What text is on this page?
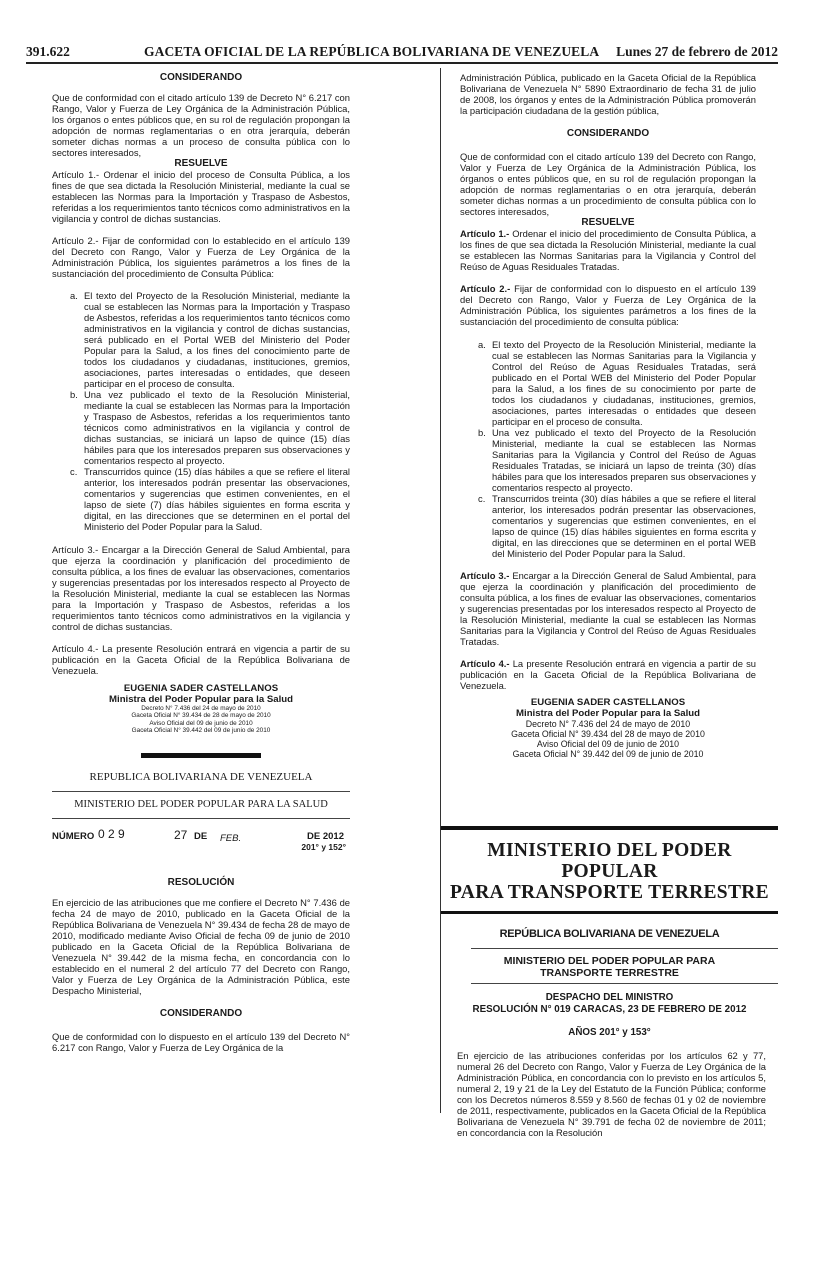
391.622	GACETA OFICIAL DE LA REPÚBLICA BOLIVARIANA DE VENEZUELA Lunes 27 de febrero de 2012

CONSIDERANDO

Que de conformidad con el citado artículo 139 de Decreto N° 6.217 con Rango, Valor y Fuerza de Ley Orgánica de la Administración Pública, los órganos o entes públicos que, en su rol de regulación propongan la adopción de normas reglamentarias o en otra jerarquía, deberán someter dichas normas a un proceso de consulta pública con lo sectores interesados,

RESUELVE

Artículo 1.- Ordenar el inicio del proceso de Consulta Pública, a los fines de que sea dictada la Resolución Ministerial, mediante la cual se establecen las Normas para la Importación y Traspaso de Asbestos, referidas a los requerimientos tanto técnicos como administrativos en la vigilancia y control de dichas sustancias.

Artículo 2.- Fijar de conformidad con lo establecido en el artículo 139 del Decreto con Rango, Valor y Fuerza de Ley Orgánica de la Administración Pública, los siguientes parámetros a los fines de la sustanciación del procedimiento de Consulta Pública:

a. El texto del Proyecto de la Resolución Ministerial, mediante la cual se establecen las Normas para la Importación y Traspaso de Asbestos, referidas a los requerimientos tanto técnicos como administrativos en la vigilancia y control de dichas sustancias, será publicado en el Portal WEB del Ministerio del Poder Popular para la Salud, a los fines del conocimiento parte de todos los ciudadanos y ciudadanas, instituciones, gremios, asociaciones, partes interesadas o entidades, que deseen participar en el proceso de consulta.
b. Una vez publicado el texto de la Resolución Ministerial, mediante la cual se establecen las Normas para la Importación y Traspaso de Asbestos, referidas a los requerimientos tanto técnicos como administrativos en la vigilancia y control de dichas sustancias, se iniciará un lapso de quince (15) días hábiles para que los interesados preparen sus observaciones y comentarios respecto al proyecto.
c. Transcurridos quince (15) días hábiles a que se refiere el literal anterior, los interesados podrán presentar las observaciones, comentarios y sugerencias que estimen convenientes, en el lapso de siete (7) días hábiles siguientes en forma escrita y digital, en las direcciones que se determinen en el portal del Ministerio del Poder Popular para la Salud.

Artículo 3.- Encargar a la Dirección General de Salud Ambiental, para que ejerza la coordinación y planificación del procedimiento de consulta pública, a los fines de evaluar las observaciones, comentarios y sugerencias presentadas por los interesados respecto al Proyecto de la Resolución Ministerial, mediante la cual se establecen las Normas para la Importación y Traspaso de Asbestos, referidas a los requerimientos tanto técnicos como administrativos en la vigilancia y control de dichas sustancias.

Artículo 4.- La presente Resolución entrará en vigencia a partir de su publicación en la Gaceta Oficial de la República Bolivariana de Venezuela.

EUGENIA SADER CASTELLANOS
Ministra del Poder Popular para la Salud
Decreto N° 7.436 del 24 de mayo de 2010
Gaceta Oficial N° 39.434 de 28 de mayo de 2010
Aviso Oficial del 09 de junio de 2010
Gaceta Oficial N° 39.442 del 09 de junio de 2010
REPUBLICA BOLIVARIANA DE VENEZUELA
MINISTERIO DEL PODER POPULAR PARA LA SALUD
NÚMERO 0 2 9	27 DE FEB.	DE 2012
201° y 152°

RESOLUCIÓN

En ejercicio de las atribuciones que me confiere el Decreto N° 7.436 de fecha 24 de mayo de 2010, publicado en la Gaceta Oficial de la República Bolivariana de Venezuela N° 39.434 de fecha 28 de mayo de 2010, modificado mediante Aviso Oficial de fecha 09 de junio de 2010 publicado en la Gaceta Oficial de la República Bolivariana de Venezuela N° 39.442 de la misma fecha, en concordancia con lo establecido en el numeral 2 del artículo 77 del Decreto con Rango, Valor y Fuerza de Ley Orgánica de la Administración Pública, este Despacho Ministerial,

CONSIDERANDO

Que de conformidad con lo dispuesto en el artículo 139 del Decreto N° 6.217 con Rango, Valor y Fuerza de Ley Orgánica de la

Administración Pública, publicado en la Gaceta Oficial de la República Bolivariana de Venezuela N° 5890 Extraordinario de fecha 31 de julio de 2008, los órganos y entes de la Administración Pública promoverán la participación ciudadana de la gestión pública,

CONSIDERANDO

Que de conformidad con el citado artículo 139 del Decreto con Rango, Valor y Fuerza de Ley Orgánica de la Administración Pública, los órganos o entes públicos que, en su rol de regulación propongan la adopción de normas reglamentarias o en otra jerarquía, deberán someter dichas normas a un procedimiento de consulta pública con lo sectores interesados,

RESUELVE

Artículo 1.- Ordenar el inicio del procedimiento de Consulta Pública, a los fines de que sea dictada la Resolución Ministerial, mediante la cual se establecen las Normas Sanitarias para la Vigilancia y Control del Reúso de Aguas Residuales Tratadas.

Artículo 2.- Fijar de conformidad con lo dispuesto en el artículo 139 del Decreto con Rango, Valor y Fuerza de Ley Orgánica de la Administración Pública, los siguientes parámetros a los fines de la sustanciación del procedimiento de consulta pública:

a. El texto del Proyecto de la Resolución Ministerial, mediante la cual se establecen las Normas Sanitarias para la Vigilancia y Control del Reúso de Aguas Residuales Tratadas, será publicado en el Portal WEB del Ministerio del Poder Popular para la Salud, a los fines de su conocimiento por parte de todos los ciudadanos y ciudadanas, instituciones, gremios, asociaciones, partes interesadas o entidades que deseen participar en el proceso de consulta.
b. Una vez publicado el texto del Proyecto de la Resolución Ministerial, mediante la cual se establecen las Normas Sanitarias para la Vigilancia y Control del Reúso de Aguas Residuales Tratadas, se iniciará un lapso de treinta (30) días hábiles para que los interesados preparen sus observaciones y comentarios respecto al proyecto.
c. Transcurridos treinta (30) días hábiles a que se refiere el literal anterior, los interesados podrán presentar las observaciones, comentarios y sugerencias que estimen convenientes, en el lapso de quince (15) días hábiles siguientes en forma escrita y digital, en las direcciones que se determinen en el portal WEB del Ministerio del Poder Popular para la Salud.

Artículo 3.- Encargar a la Dirección General de Salud Ambiental, para que ejerza la coordinación y planificación del procedimiento de consulta pública, a los fines de evaluar las observaciones, comentarios y sugerencias presentadas por los interesados respecto al Proyecto de la Resolución Ministerial, mediante la cual se establecen las Normas Sanitarias para la Vigilancia y Control del Reúso de Aguas Residuales Tratadas.

Artículo 4.- La presente Resolución entrará en vigencia a partir de su publicación en la Gaceta Oficial de la República Bolivariana de Venezuela.

EUGENIA SADER CASTELLANOS
Ministra del Poder Popular para la Salud
Decreto N° 7.436 del 24 de mayo de 2010
Gaceta Oficial N° 39.434 del 28 de mayo de 2010
Aviso Oficial del 09 de junio de 2010
Gaceta Oficial N° 39.442 del 09 de junio de 2010
MINISTERIO DEL PODER POPULAR
PARA TRANSPORTE TERRESTRE
REPÚBLICA BOLIVARIANA DE VENEZUELA
MINISTERIO DEL PODER POPULAR PARA
TRANSPORTE TERRESTRE
DESPACHO DEL MINISTRO
RESOLUCIÓN N° 019 CARACAS, 23 DE FEBRERO DE 2012
AÑOS 201° y 153°

En ejercicio de las atribuciones conferidas por los artículos 62 y 77, numeral 26 del Decreto con Rango, Valor y Fuerza de Ley Orgánica de la Administración Pública, en concordancia con lo previsto en los artículos 5, numeral 2, 19 y 21 de la Ley del Estatuto de la Función Pública; conforme con los Decretos números 8.559 y 8.560 de fechas 01 y 02 de noviembre de 2011, respectivamente, publicados en la Gaceta Oficial de la República Bolivariana de Venezuela N° 39.791 de fecha 02 de noviembre de 2011; en concordancia con la Resolución
